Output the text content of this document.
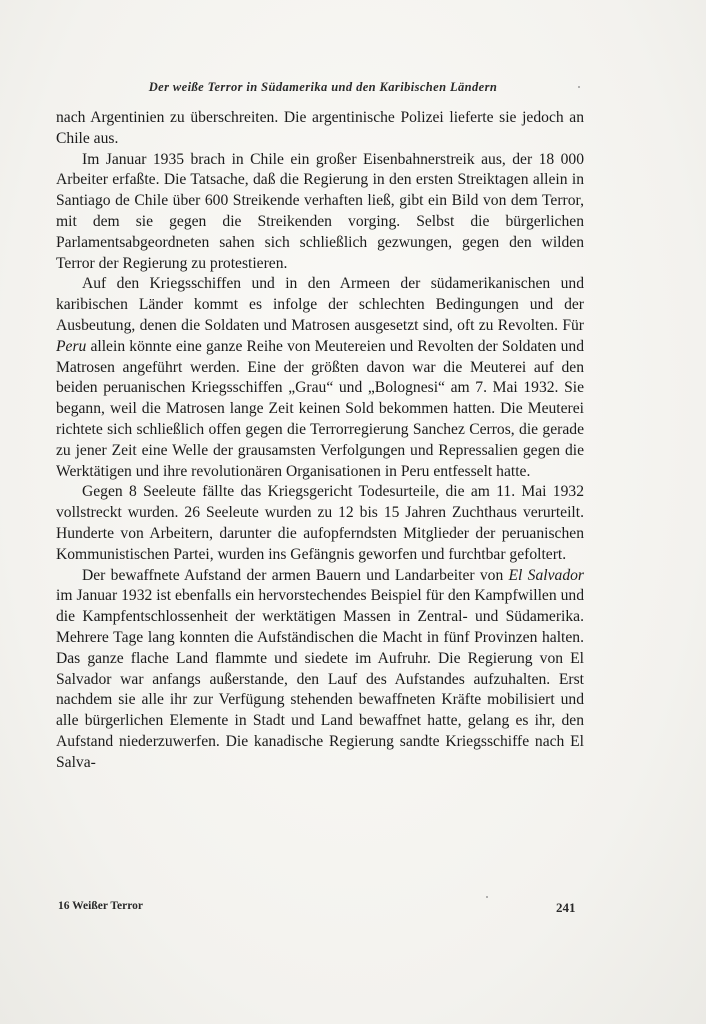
Der weiße Terror in Südamerika und den Karibischen Ländern

nach Argentinien zu überschreiten. Die argentinische Polizei lieferte sie jedoch an Chile aus.

Im Januar 1935 brach in Chile ein großer Eisenbahnerstreik aus, der 18 000 Arbeiter erfaßte. Die Tatsache, daß die Regierung in den ersten Streiktagen allein in Santiago de Chile über 600 Streikende verhaften ließ, gibt ein Bild von dem Terror, mit dem sie gegen die Streikenden vorging. Selbst die bürgerlichen Parlamentsabgeordneten sahen sich schließlich gezwungen, gegen den wilden Terror der Regierung zu protestieren.

Auf den Kriegsschiffen und in den Armeen der südamerikanischen und karibischen Länder kommt es infolge der schlechten Bedingungen und der Ausbeutung, denen die Soldaten und Matrosen ausgesetzt sind, oft zu Revolten. Für Peru allein könnte eine ganze Reihe von Meutereien und Revolten der Soldaten und Matrosen angeführt werden. Eine der größten davon war die Meuterei auf den beiden peruanischen Kriegsschiffen „Grau“ und „Bolognesi“ am 7. Mai 1932. Sie begann, weil die Matrosen lange Zeit keinen Sold bekommen hatten. Die Meuterei richtete sich schließlich offen gegen die Terrorregierung Sanchez Cerros, die gerade zu jener Zeit eine Welle der grausamsten Verfolgungen und Repressalien gegen die Werktätigen und ihre revolutionären Organisationen in Peru entfesselt hatte.

Gegen 8 Seeleute fällte das Kriegsgericht Todesurteile, die am 11. Mai 1932 vollstreckt wurden. 26 Seeleute wurden zu 12 bis 15 Jahren Zuchthaus verurteilt. Hunderte von Arbeitern, darunter die aufopferndsten Mitglieder der peruanischen Kommunistischen Partei, wurden ins Gefängnis geworfen und furchtbar gefoltert.

Der bewaffnete Aufstand der armen Bauern und Landarbeiter von El Salvador im Januar 1932 ist ebenfalls ein hervorstechendes Beispiel für den Kampfwillen und die Kampfentschlossenheit der werktätigen Massen in Zentral- und Südamerika. Mehrere Tage lang konnten die Aufständischen die Macht in fünf Provinzen halten. Das ganze flache Land flammte und siedete im Aufruhr. Die Regierung von El Salvador war anfangs außerstande, den Lauf des Aufstandes aufzuhalten. Erst nachdem sie alle ihr zur Verfügung stehenden bewaffneten Kräfte mobilisiert und alle bürgerlichen Elemente in Stadt und Land bewaffnet hatte, gelang es ihr, den Aufstand niederzuwerfen. Die kanadische Regierung sandte Kriegsschiffe nach El Salva-

16 Weißer Terror	241
